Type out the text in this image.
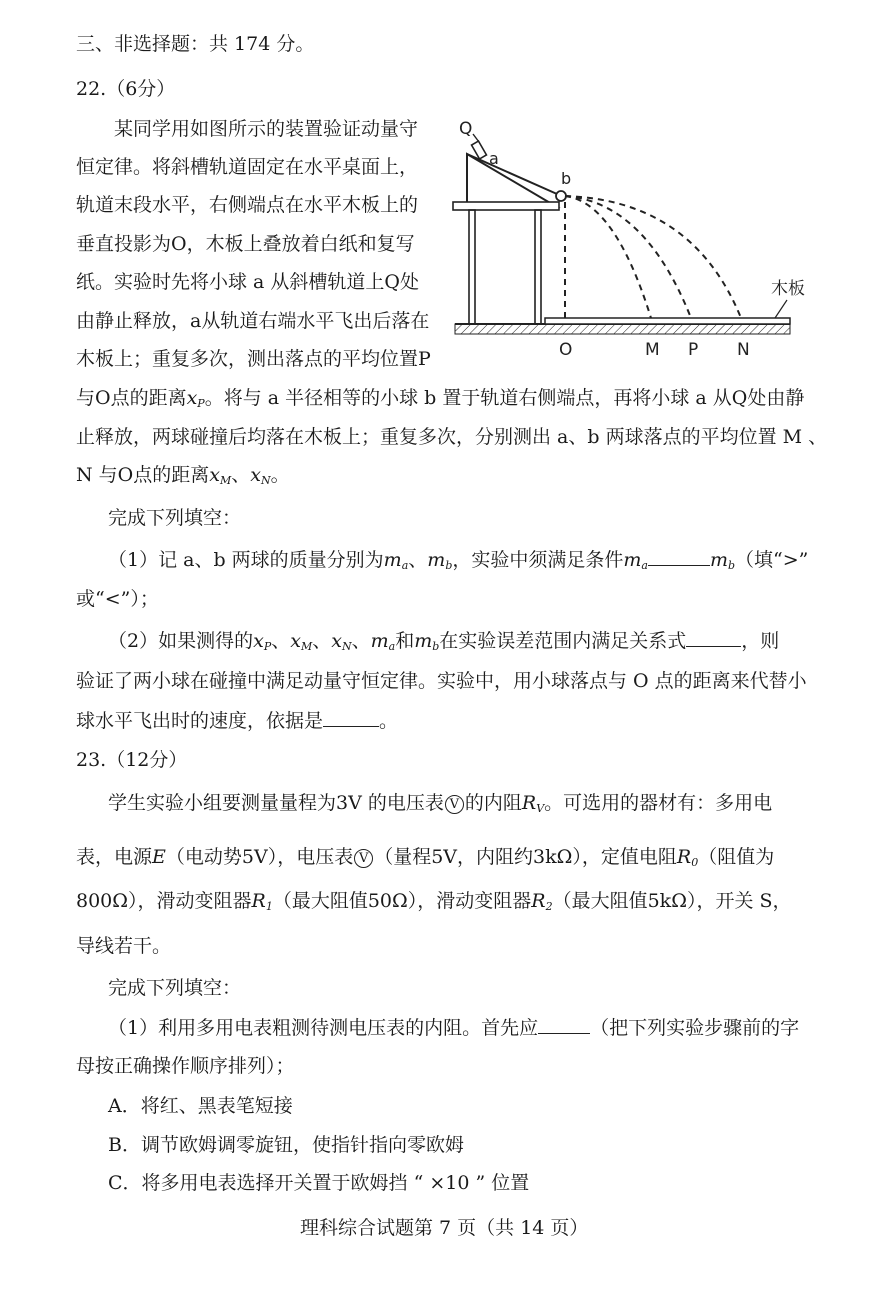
三、非选择题：共 174 分。
22.（6分）
某同学用如图所示的装置验证动量守
恒定律。将斜槽轨道固定在水平桌面上，
轨道末段水平，右侧端点在水平木板上的
垂直投影为O，木板上叠放着白纸和复写
纸。实验时先将小球 a 从斜槽轨道上Q处
由静止释放，a从轨道右端水平飞出后落在
木板上；重复多次，测出落点的平均位置P
Q
a
b
木板
O	M P N
与O点的距离$x_P$。将与 a 半径相等的小球 b 置于轨道右侧端点，再将小球 a 从Q处由静
止释放，两球碰撞后均落在木板上；重复多次，分别测出 a、b 两球落点的平均位置 M 、
N 与O点的距离$x_M$、$x_N$。
完成下列填空：
（1）记 a、b 两球的质量分别为$m_a$、$m_b$，实验中须满足条件$m_a$	$m_b$（填“>”
或“<”）；
（2）如果测得的$x_P$、$x_M$、$x_N$、$m_a$和$m_b$在实验误差范围内满足关系式	，则
验证了两小球在碰撞中满足动量守恒定律。实验中，用小球落点与 O 点的距离来代替小
球水平飞出时的速度，依据是	。
23.（12分）
学生实验小组要测量量程为3V 的电压表 V 的内阻$R_V$。可选用的器材有：多用电
表，电源E（电动势5V），电压表 V （量程5V，内阻约3kΩ），定值电阻$R_0$（阻值为
800Ω），滑动变阻器$R_1$（最大阻值50Ω），滑动变阻器$R_2$（最大阻值5kΩ），开关 S，
导线若干。
完成下列填空：
（1）利用多用电表粗测待测电压表的内阻。首先应	（把下列实验步骤前的字
母按正确操作顺序排列）；
A．将红、黑表笔短接
B．调节欧姆调零旋钮，使指针指向零欧姆
C．将多用电表选择开关置于欧姆挡 “ ×10 ” 位置
理科综合试题第 7 页（共 14 页）
